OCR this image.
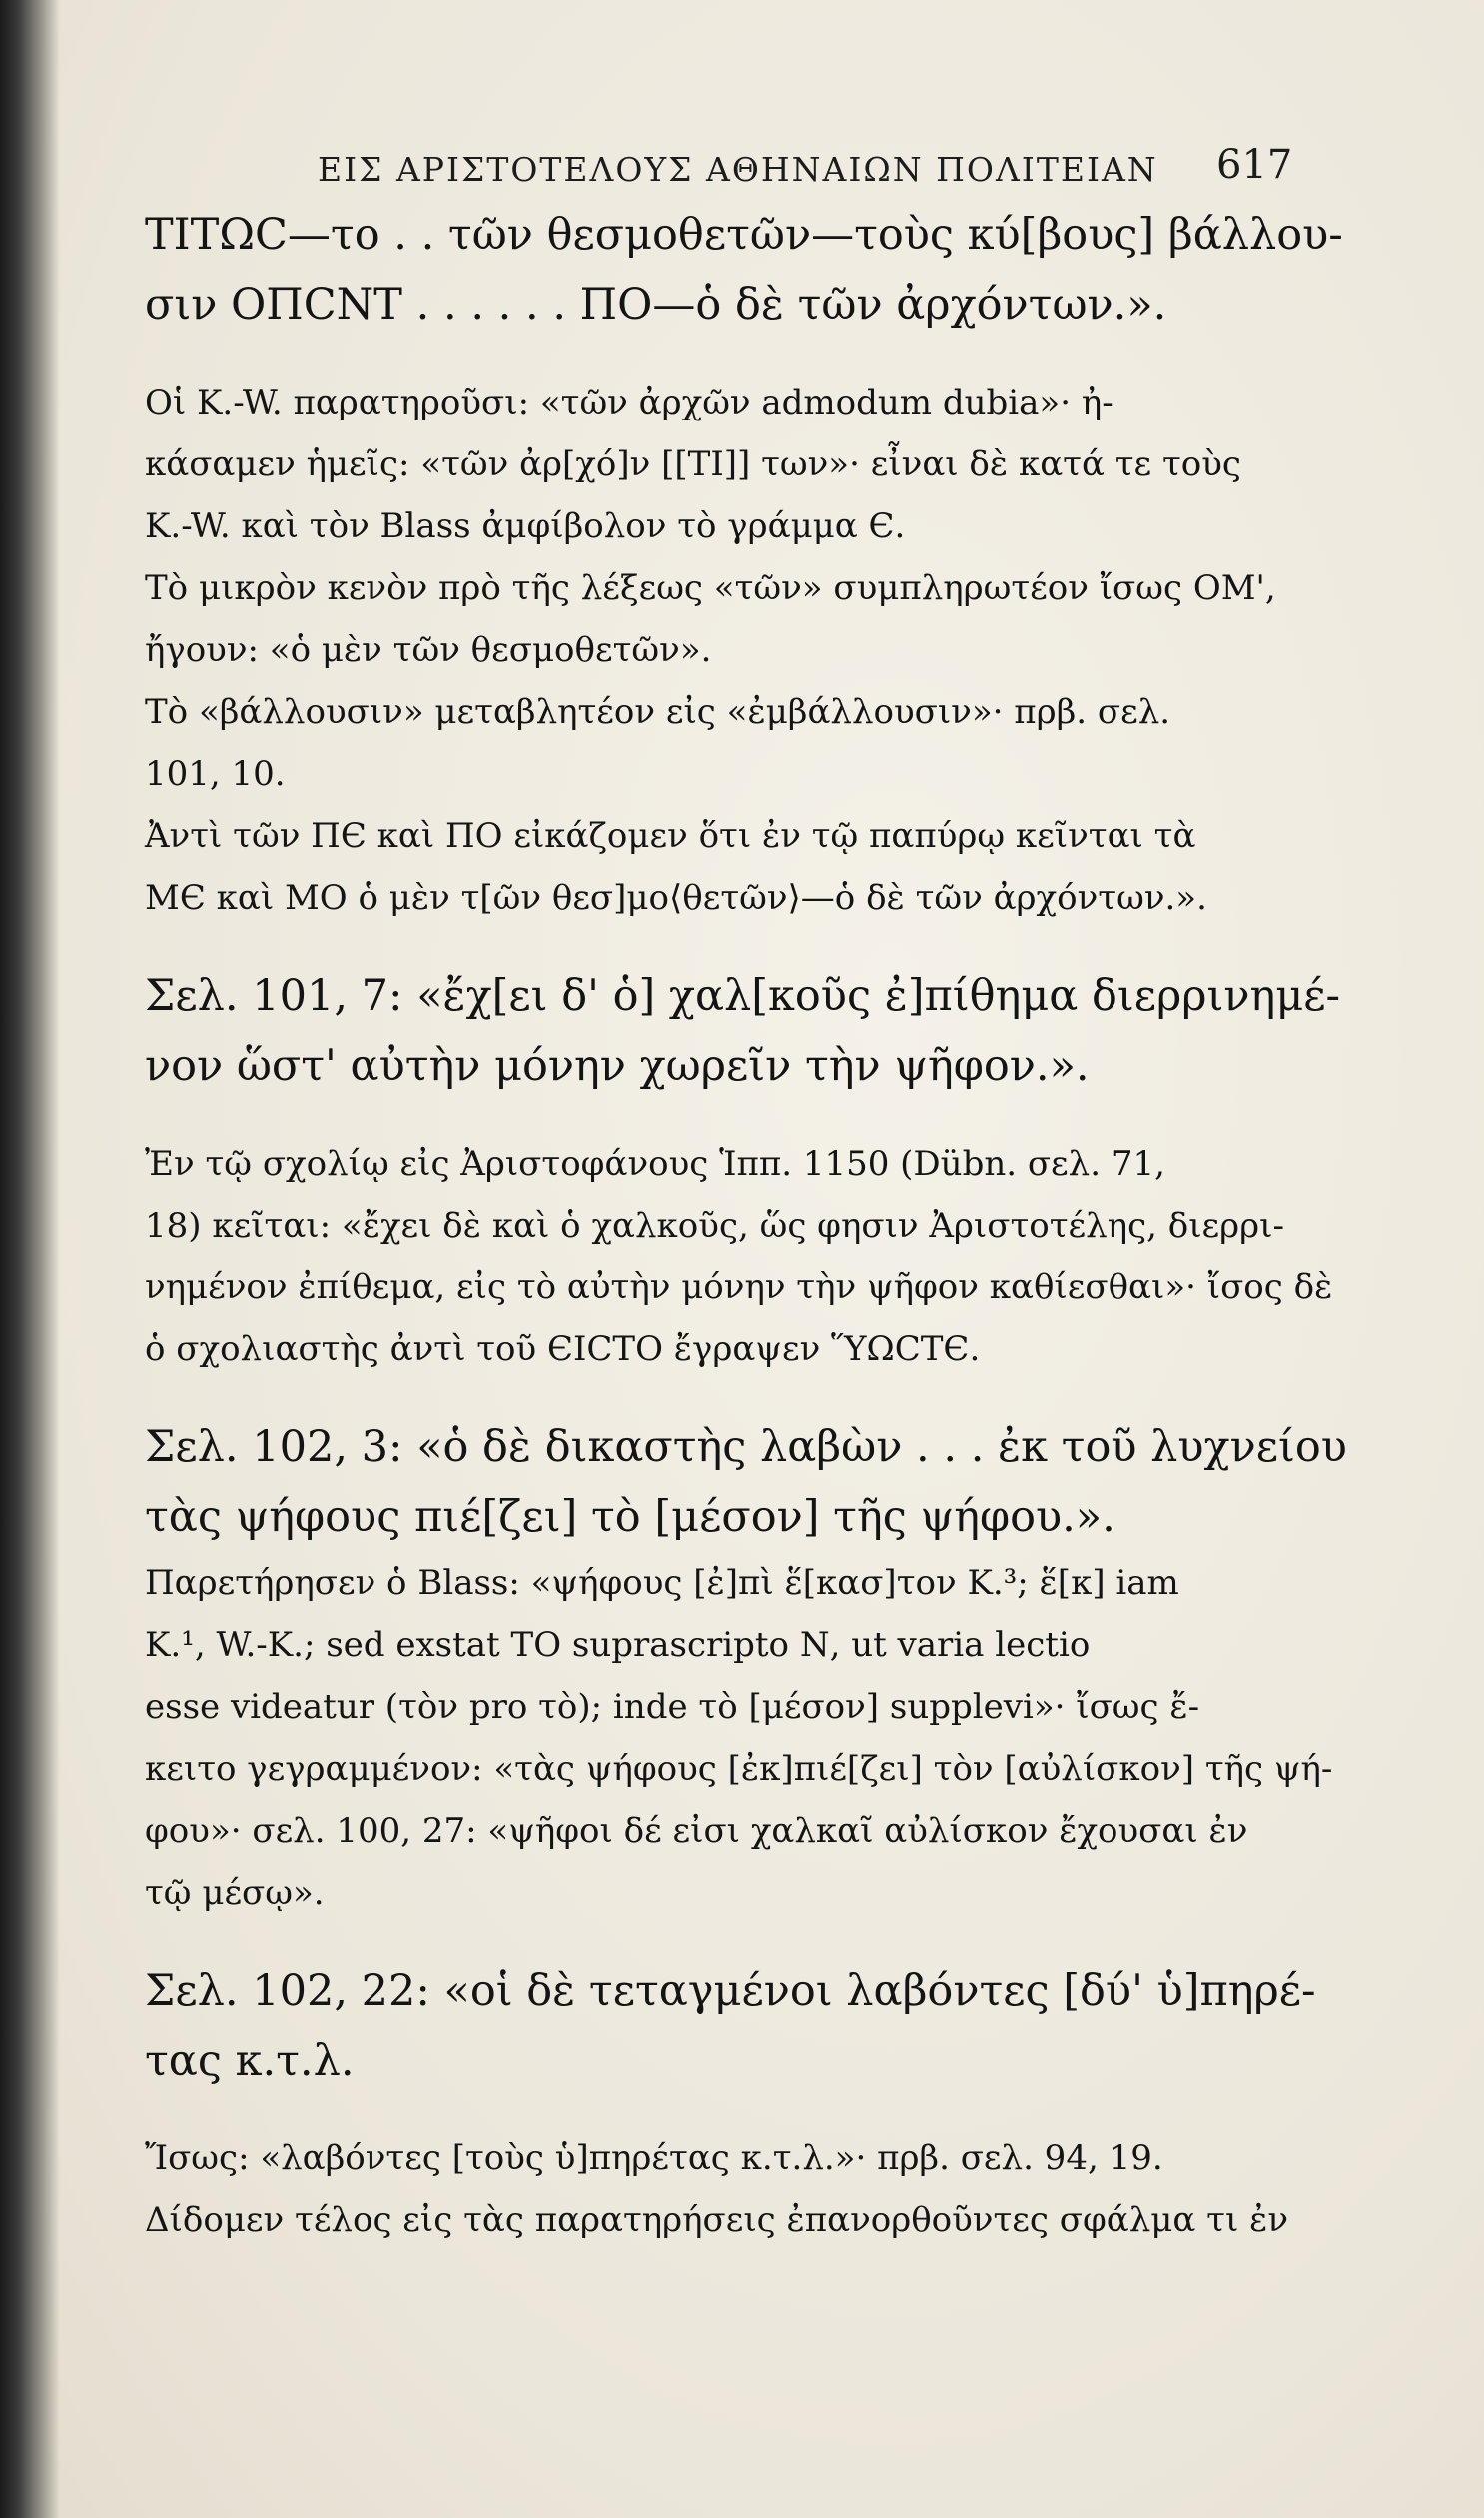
ΕΙΣ ΑΡΙΣΤΟΤΕΛΟΥΣ ΑΘΗΝΑΙΩΝ ΠΟΛΙΤΕΙΑΝ	617
ΤΙΤΩϹ—το . . τῶν θεσμοθετῶν—τοὺς κύ[βους] βάλλου-
σιν ΟΠϹΝΤ . . . . . . ΠΟ—ὁ δὲ τῶν ἀρχόντων.».
Οἱ K.-W. παρατηροῦσι: «τῶν ἀρχῶν admodum dubia»· ἠ-
κάσαμεν ἡμεῖς: «τῶν ἀρ[χό]ν [[ΤΙ]] των»· εἶναι δὲ κατά τε τοὺς
K.-W. καὶ τὸν Blass ἀμφίβολον τὸ γράμμα Є.
Τὸ μικρὸν κενὸν πρὸ τῆς λέξεως «τῶν» συμπληρωτέον ἴσως ΟΜ',
ἤγουν: «ὁ μὲν τῶν θεσμοθετῶν».
Τὸ «βάλλουσιν» μεταβλητέον εἰς «ἐμβάλλουσιν»· πρβ. σελ.
101, 10.
Ἀντὶ τῶν ΠЄ καὶ ΠΟ εἰκάζομεν ὅτι ἐν τῷ παπύρῳ κεῖνται τὰ
ΜЄ καὶ ΜΟ ὁ μὲν τ[ῶν θεσ]μο⟨θετῶν⟩—ὁ δὲ τῶν ἀρχόντων.».
Σελ. 101, 7: «ἔχ[ει δ' ὁ] χαλ[κοῦς ἐ]πίθημα διερρινημέ-
νον ὥστ' αὐτὴν μόνην χωρεῖν τὴν ψῆφον.».
Ἐν τῷ σχολίῳ εἰς Ἀριστοφάνους Ἱππ. 1150 (Dübn. σελ. 71,
18) κεῖται: «ἔχει δὲ καὶ ὁ χαλκοῦς, ὥς φησιν Ἀριστοτέλης, διερρι-
νημένον ἐπίθεμα, εἰς τὸ αὐτὴν μόνην τὴν ψῆφον καθίεσθαι»· ἴσος δὲ
ὁ σχολιαστὴς ἀντὶ τοῦ ЄΙСΤΟ ἔγραψεν ὝΩСΤЄ.
Σελ. 102, 3: «ὁ δὲ δικαστὴς λαβὼν . . . ἐκ τοῦ λυχνείου
τὰς ψήφους πιέ[ζει] τὸ [μέσον] τῆς ψήφου.».
Παρετήρησεν ὁ Blass: «ψήφους [ἐ]πὶ ἕ[κασ]τον K.³; ἕ[κ] iam
K.¹, W.-K.; sed exstat ΤΟ suprascripto Ν, ut varia lectio
esse videatur (τὸν pro τὸ); inde τὸ [μέσον] supplevi»· ἴσως ἔ-
κειτο γεγραμμένον: «τὰς ψήφους [ἐκ]πιέ[ζει] τὸν [αὐλίσκον] τῆς ψή-
φου»· σελ. 100, 27: «ψῆφοι δέ εἰσι χαλκαῖ αὐλίσκον ἔχουσαι ἐν
τῷ μέσῳ».
Σελ. 102, 22: «οἱ δὲ τεταγμένοι λαβόντες [δύ' ὑ]πηρέ-
τας κ.τ.λ.
Ἴσως: «λαβόντες [τοὺς ὑ]πηρέτας κ.τ.λ.»· πρβ. σελ. 94, 19.
Δίδομεν τέλος εἰς τὰς παρατηρήσεις ἐπανορθοῦντες σφάλμα τι ἐν
